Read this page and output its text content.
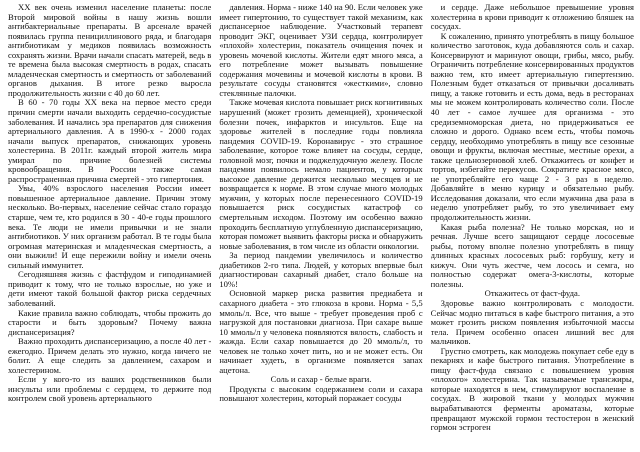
XX век очень изменил население планеты: после Второй мировой войны в нашу жизнь вошли антибактериальные препараты. В арсенале врачей появилась группа пенициллинового ряда, и благодаря антибиотикам у медиков появилась возможность сохранять жизни. Врачи начали спасать матерей, ведь в те времена была высокая смертность в родах, спасать младенческая смертность и смертность от заболеваний органов дыхания. В итоге резко выросла продолжительность жизни с 40 до 60 лет.

В 60 - 70 годы XX века на первое место среди причин смерти начали выходить сердечно-сосудистые заболевания. И начались эра препаратов для снижения артериального давления. А в 1990-х - 2000 годах начали выпуск препаратов, снижающих уровень холестерина. В 2011г. каждый второй житель мира умирал по причине болезней системы кровообращения. В России также самая распространенная причина смертей - это гипертония.

Увы, 40% взрослого населения России имеет повышенное артериальное давление. Причин этому несколько. Во-первых, население сейчас стало гораздо старше, чем те, кто родился в 30 - 40-е годы прошлого века. Те люди не имели привычки и не знали антибиотиков. У них организм работал. В те годы была огромная материнская и младенческая смертность, а они выжили! И еще пережили войну и имели очень сильный иммунитет.

Сегодняшняя жизнь с фастфудом и гиподинамией приводит к тому, что не только взрослые, но уже и дети имеют такой большой фактор риска сердечных заболеваний.

Какие правила важно соблюдать, чтобы прожить до старости и быть здоровым? Почему важна диспансеризация?

Важно проходить диспансеризацию, а после 40 лет - ежегодно. Причем делать это нужно, когда ничего не болит. А еще следить за давлением, сахаром и холестерином.

Если у кого-то из ваших родственников были инсульты или проблемы с сердцем, то держите под контролем свой уровень артериального

давления. Норма - ниже 140 на 90. Если человек уже имеет гипертонию, то существует такой механизм, как диспансерное наблюдение. Участковый терапевт проводит ЭКГ, оценивает УЗИ сердца, контролирует «плохой» холестерин, показатель очищения почек и уровень мочевой кислоты. Жители едят много мяса, а его потребление может вызывать повышение содержания мочевины и мочевой кислоты в крови. В результате сосуды становятся «жесткими», словно стеклянные палочки.

Также мочевая кислота повышает риск когнитивных нарушений (может грозить деменцией), хронической болезни почек, инфарктов и инсультов. Еще на здоровье жителей в последние годы повлияла пандемия COVID-19. Коронавирус - это страшное заболевание, которое тоже влияет на сосуды, сердце, головной мозг, почки и поджелудочную железу. После пандемии появилось немало пациентов, у которых высокое давление держится несколько месяцев и не возвращается к норме. В этом случае много молодых мужчин, у которых после перенесенного COVID-19 повышается риск сосудистых катастроф со смертельным исходом. Поэтому им особенно важно проходить бесплатную углубленную диспансеризацию, которая поможет выявить факторы риска и обнаружить новые заболевания, в том числе из области онкологии.

За период пандемии увеличилось и количество диабетиков 2-го типа. Людей, у которых впервые был диагностирован сахарный диабет, стало больше на 10%!

Основной маркер риска развития предиабета и сахарного диабета - это глюкоза в крови. Норма - 5,5 ммоль/л. Все, что выше - требует проведения проб с нагрузкой для постановки диагноза. При сахаре выше 10 ммоль/л у человека появляются вялость, слабость и жажда. Если сахар повышается до 20 ммоль/л, то человек не только хочет пить, но и не может есть. Он начинает худеть, в организме появляется запах ацетона.

Соль и сахар - белые враги.

Продукты с высоким содержанием соли и сахара повышают холестерин, который поражает сосуды

и сердце. Даже небольшое превышение уровня холестерина в крови приводит к отложению бляшек на сосудах.

К сожалению, принято употреблять в пищу большое количество заготовок, куда добавляются соль и сахар. Консервируют и маринуют овощи, грибы, мясо, рыбу. Ограничить потребление консервированных продуктов важно тем, кто имеет артериальную гипертензию. Полезным будет отказаться от привычки досаливать пищу, а также готовить и есть дома, ведь в ресторанах мы не можем контролировать количество соли. После 40 лет - самое лучшее для организма - это средиземноморская диета, но придерживаться ее сложно и дорого. Однако всем есть, чтобы помочь сердцу, необходимо употреблять в пищу все сезонные овощи и фрукты, включая местные, местные орехи, а также цельнозерновой хлеб. Откажитесь от конфет и тортов, избегайте перекусов. Сократите красное мясо, не употребляйте его чаще 2 - 3 раз в неделю. Добавляйте в меню курицу и обязательно рыбу. Исследования доказали, что если мужчина два раза в неделю употребляет рыбу, то это увеличивает ему продолжительность жизни.

Какая рыба полезна? Не только морская, но и речная. Лучше всего защищают сердце лососевые рыбы, потому вполне полезно употреблять в пищу длинных красных лососевых рыб: горбушу, кету и кижуч. Они чуть жестче, чем лосось и семга, но полностью содержат омега-3-кислоты, которые полезны.

Откажитесь от фаст-фуда.

Здоровье важно контролировать с молодости. Сейчас модно питаться в кафе быстрого питания, а это может грозить риском появления избыточной массы тела. Причем особенно опасен лишний вес для мальчиков.

Грустно смотреть, как молодежь покупает себе еду в пекарнях и кафе быстрого питания. Употребление в пищу фаст-фуда связано с повышением уровня «плохого» холестерина. Так называемые трансжиры, которые находятся в нем, стимулируют воспаление в сосудах. В жировой ткани у молодых мужчин вырабатываются ферменты ароматазы, которые превращают мужской гормон тестостерон в женский гормон эстроген
